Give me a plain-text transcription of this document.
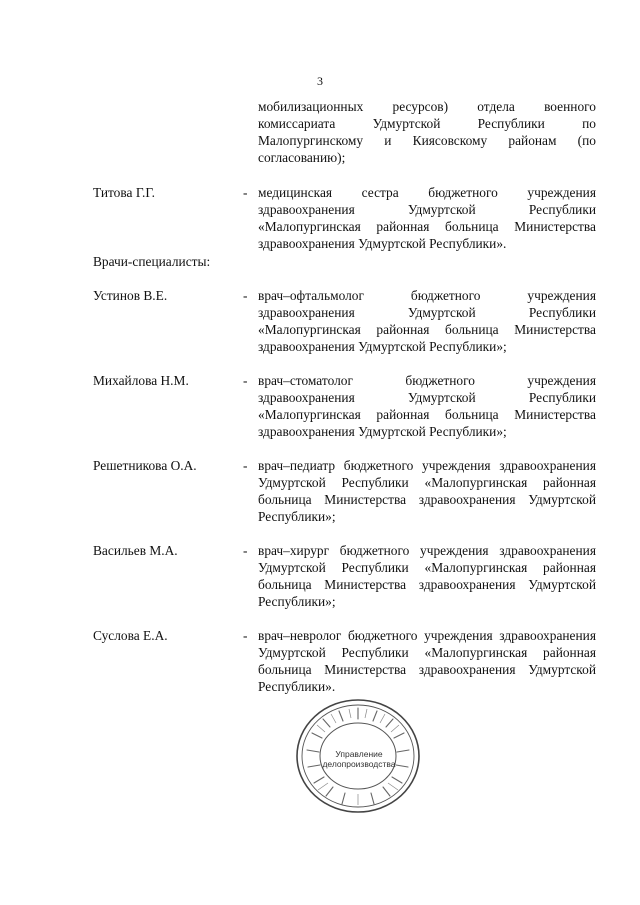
3
мобилизационных ресурсов) отдела военного комиссариата Удмуртской Республики по Малопургинскому и Киясовскому районам (по согласованию);
Титова Г.Г.	- медицинская сестра бюджетного учреждения здравоохранения Удмуртской Республики «Малопургинская районная больница Министерства здравоохранения Удмуртской Республики».
Врачи-специалисты:
Устинов В.Е.	- врач–офтальмолог бюджетного учреждения здравоохранения Удмуртской Республики «Малопургинская районная больница Министерства здравоохранения Удмуртской Республики»;
Михайлова Н.М.	- врач–стоматолог бюджетного учреждения здравоохранения Удмуртской Республики «Малопургинская районная больница Министерства здравоохранения Удмуртской Республики»;
Решетникова О.А.	- врач–педиатр бюджетного учреждения здравоохранения Удмуртской Республики «Малопургинская районная больница Министерства здравоохранения Удмуртской Республики»;
Васильев М.А.	- врач–хирург бюджетного учреждения здравоохранения Удмуртской Республики «Малопургинская районная больница Министерства здравоохранения Удмуртской Республики»;
Суслова Е.А.	- врач–невролог бюджетного учреждения здравоохранения Удмуртской Республики «Малопургинская районная больница Министерства здравоохранения Удмуртской Республики».
Управление
делопроизводства
